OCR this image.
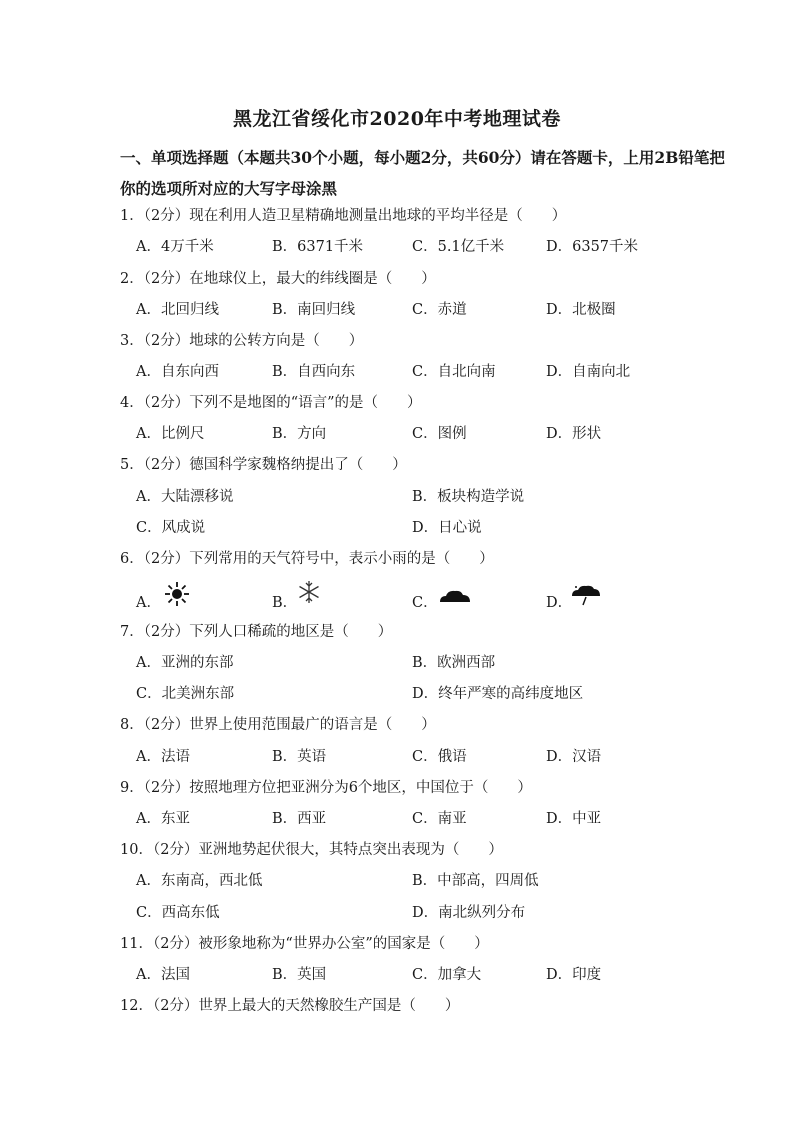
黑龙江省绥化市2020年中考地理试卷
一、单项选择题（本题共30个小题，每小题2分，共60分）请在答题卡，上用2B铅笔把
你的选项所对应的大写字母涂黑
1．（2分）现在利用人造卫星精确地测量出地球的平均半径是（　　）
A．4万千米	B．6371千米	C．5.1亿千米	D．6357千米
2．（2分）在地球仪上，最大的纬线圈是（　　）
A．北回归线	B．南回归线	C．赤道	D．北极圈
3．（2分）地球的公转方向是（　　）
A．自东向西	B．自西向东	C．自北向南	D．自南向北
4．（2分）下列不是地图的“语言”的是（　　）
A．比例尺	B．方向	C．图例	D．形状
5．（2分）德国科学家魏格纳提出了（　　）
A．大陆漂移说	B．板块构造学说
C．风成说	D．日心说
6．（2分）下列常用的天气符号中，表示小雨的是（　　）
A．	B．	C．	D．
7．（2分）下列人口稀疏的地区是（　　）
A．亚洲的东部	B．欧洲西部
C．北美洲东部	D．终年严寒的高纬度地区
8．（2分）世界上使用范围最广的语言是（　　）
A．法语	B．英语	C．俄语	D．汉语
9．（2分）按照地理方位把亚洲分为6个地区，中国位于（　　）
A．东亚	B．西亚	C．南亚	D．中亚
10．（2分）亚洲地势起伏很大，其特点突出表现为（　　）
A．东南高，西北低	B．中部高，四周低
C．西高东低	D．南北纵列分布
11．（2分）被形象地称为“世界办公室”的国家是（　　）
A．法国	B．英国	C．加拿大	D．印度
12．（2分）世界上最大的天然橡胶生产国是（　　）
